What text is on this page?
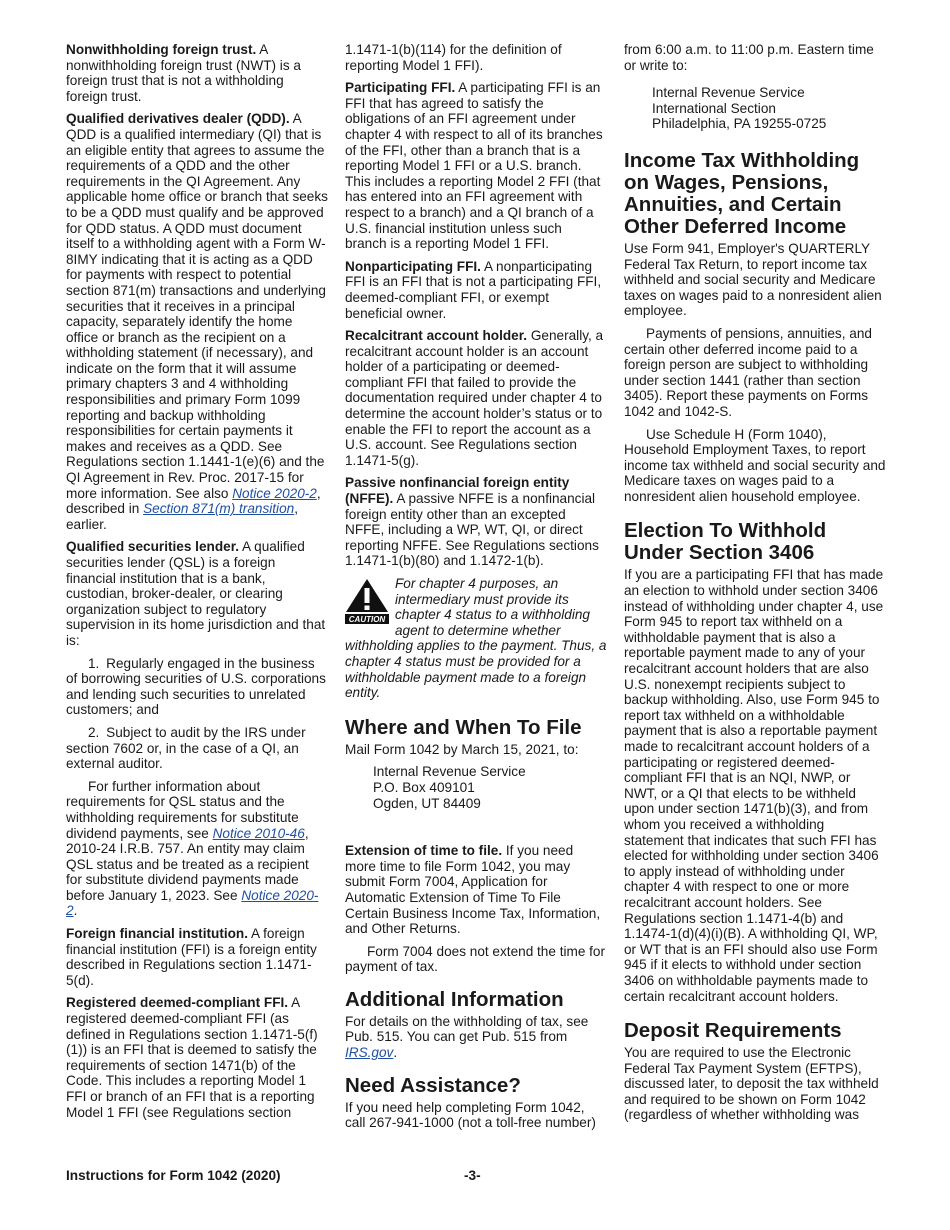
Nonwithholding foreign trust. A nonwithholding foreign trust (NWT) is a foreign trust that is not a withholding foreign trust.

Qualified derivatives dealer (QDD). A QDD is a qualified intermediary (QI) that is an eligible entity that agrees to assume the requirements of a QDD and the other requirements in the QI Agreement. Any applicable home office or branch that seeks to be a QDD must qualify and be approved for QDD status. A QDD must document itself to a withholding agent with a Form W-8IMY indicating that it is acting as a QDD for payments with respect to potential section 871(m) transactions and underlying securities that it receives in a principal capacity, separately identify the home office or branch as the recipient on a withholding statement (if necessary), and indicate on the form that it will assume primary chapters 3 and 4 withholding responsibilities and primary Form 1099 reporting and backup withholding responsibilities for certain payments it makes and receives as a QDD. See Regulations section 1.1441-1(e)(6) and the QI Agreement in Rev. Proc. 2017-15 for more information. See also Notice 2020-2, described in Section 871(m) transition, earlier.

Qualified securities lender. A qualified securities lender (QSL) is a foreign financial institution that is a bank, custodian, broker-dealer, or clearing organization subject to regulatory supervision in its home jurisdiction and that is:

1. Regularly engaged in the business of borrowing securities of U.S. corporations and lending such securities to unrelated customers; and

2. Subject to audit by the IRS under section 7602 or, in the case of a QI, an external auditor.

For further information about requirements for QSL status and the withholding requirements for substitute dividend payments, see Notice 2010-46, 2010-24 I.R.B. 757. An entity may claim QSL status and be treated as a recipient for substitute dividend payments made before January 1, 2023. See Notice 2020-2.

Foreign financial institution. A foreign financial institution (FFI) is a foreign entity described in Regulations section 1.1471-5(d).

Registered deemed-compliant FFI. A registered deemed-compliant FFI (as defined in Regulations section 1.1471-5(f)(1)) is an FFI that is deemed to satisfy the requirements of section 1471(b) of the Code. This includes a reporting Model 1 FFI or branch of an FFI that is a reporting Model 1 FFI (see Regulations section

1.1471-1(b)(114) for the definition of reporting Model 1 FFI).

Participating FFI. A participating FFI is an FFI that has agreed to satisfy the obligations of an FFI agreement under chapter 4 with respect to all of its branches of the FFI, other than a branch that is a reporting Model 1 FFI or a U.S. branch. This includes a reporting Model 2 FFI (that has entered into an FFI agreement with respect to a branch) and a QI branch of a U.S. financial institution unless such branch is a reporting Model 1 FFI.

Nonparticipating FFI. A nonparticipating FFI is an FFI that is not a participating FFI, deemed-compliant FFI, or exempt beneficial owner.

Recalcitrant account holder. Generally, a recalcitrant account holder is an account holder of a participating or deemed-compliant FFI that failed to provide the documentation required under chapter 4 to determine the account holder’s status or to enable the FFI to report the account as a U.S. account. See Regulations section 1.1471-5(g).

Passive nonfinancial foreign entity (NFFE). A passive NFFE is a nonfinancial foreign entity other than an excepted NFFE, including a WP, WT, QI, or direct reporting NFFE. See Regulations sections 1.1471-1(b)(80) and 1.1472-1(b).

CAUTION
For chapter 4 purposes, an intermediary must provide its chapter 4 status to a withholding agent to determine whether withholding applies to the payment. Thus, a chapter 4 status must be provided for a withholdable payment made to a foreign entity.
Where and When To File

Mail Form 1042 by March 15, 2021, to:

Internal Revenue Service
P.O. Box 409101
Ogden, UT 84409

Extension of time to file. If you need more time to file Form 1042, you may submit Form 7004, Application for Automatic Extension of Time To File Certain Business Income Tax, Information, and Other Returns.

Form 7004 does not extend the time for payment of tax.

Additional Information

For details on the withholding of tax, see Pub. 515. You can get Pub. 515 from IRS.gov.

Need Assistance?

If you need help completing Form 1042, call 267-941-1000 (not a toll-free number)

from 6:00 a.m. to 11:00 p.m. Eastern time or write to:

Internal Revenue Service
International Section
Philadelphia, PA 19255-0725
Income Tax Withholding on Wages, Pensions, Annuities, and Certain Other Deferred Income

Use Form 941, Employer's QUARTERLY Federal Tax Return, to report income tax withheld and social security and Medicare taxes on wages paid to a nonresident alien employee.

Payments of pensions, annuities, and certain other deferred income paid to a foreign person are subject to withholding under section 1441 (rather than section 3405). Report these payments on Forms 1042 and 1042-S.

Use Schedule H (Form 1040), Household Employment Taxes, to report income tax withheld and social security and Medicare taxes on wages paid to a nonresident alien household employee.

Election To Withhold Under Section 3406

If you are a participating FFI that has made an election to withhold under section 3406 instead of withholding under chapter 4, use Form 945 to report tax withheld on a withholdable payment that is also a reportable payment made to any of your recalcitrant account holders that are also U.S. nonexempt recipients subject to backup withholding. Also, use Form 945 to report tax withheld on a withholdable payment that is also a reportable payment made to recalcitrant account holders of a participating or registered deemed-compliant FFI that is an NQI, NWP, or NWT, or a QI that elects to be withheld upon under section 1471(b)(3), and from whom you received a withholding statement that indicates that such FFI has elected for withholding under section 3406 to apply instead of withholding under chapter 4 with respect to one or more recalcitrant account holders. See Regulations section 1.1471-4(b) and 1.1474-1(d)(4)(i)(B). A withholding QI, WP, or WT that is an FFI should also use Form 945 if it elects to withhold under section 3406 on withholdable payments made to certain recalcitrant account holders.

Deposit Requirements

You are required to use the Electronic Federal Tax Payment System (EFTPS), discussed later, to deposit the tax withheld and required to be shown on Form 1042 (regardless of whether withholding was

Instructions for Form 1042 (2020)	-3-
